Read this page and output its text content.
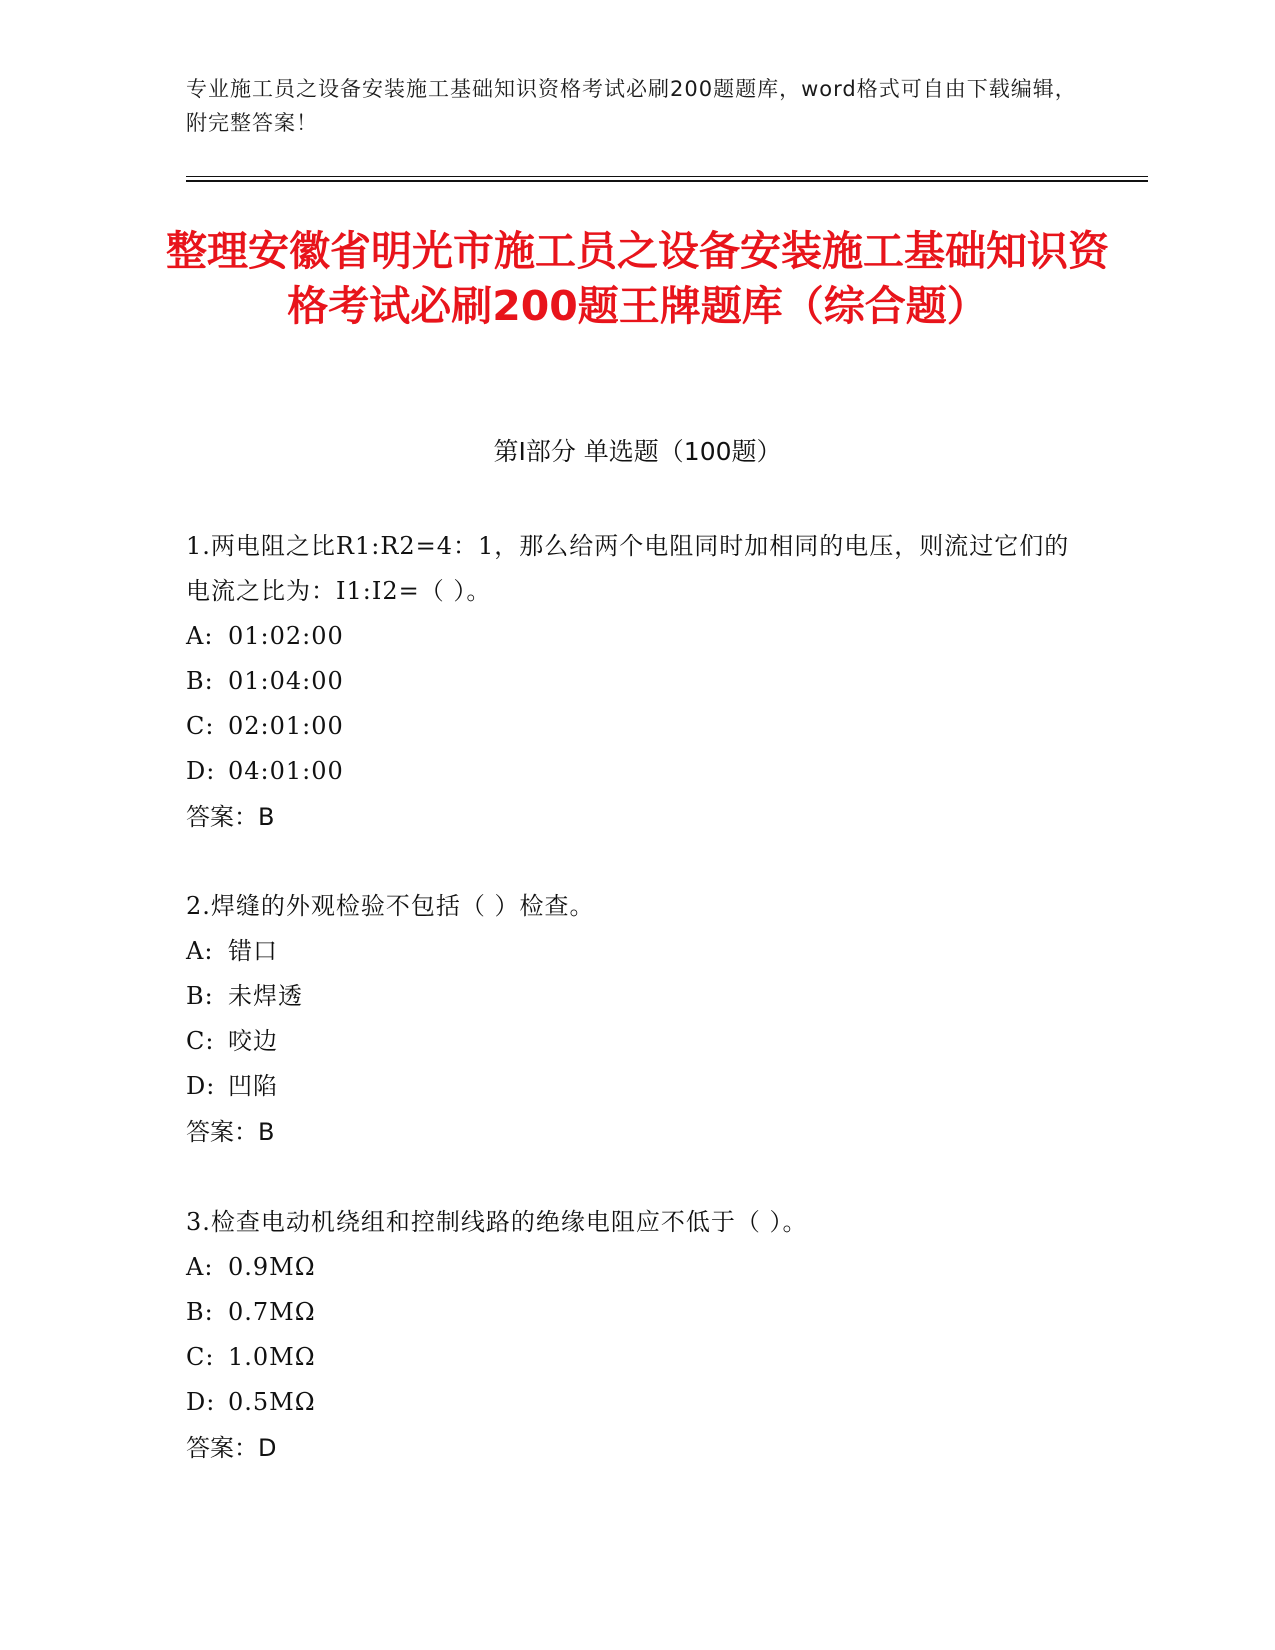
专业施工员之设备安装施工基础知识资格考试必刷200题题库，word格式可自由下载编辑，附完整答案！
整理安徽省明光市施工员之设备安装施工基础知识资格考试必刷200题王牌题库（综合题）
第Ⅰ部分 单选题（100题）
1.两电阻之比R1:R2=4：1，那么给两个电阻同时加相同的电压，则流过它们的电流之比为：I1:I2=（ ）。
A: 01:02:00
B: 01:04:00
C: 02:01:00
D: 04:01:00
答案：B
2.焊缝的外观检验不包括（ ）检查。
A: 错口
B: 未焊透
C: 咬边
D: 凹陷
答案：B
3.检查电动机绕组和控制线路的绝缘电阻应不低于（ ）。
A: 0.9MΩ
B: 0.7MΩ
C: 1.0MΩ
D: 0.5MΩ
答案：D
